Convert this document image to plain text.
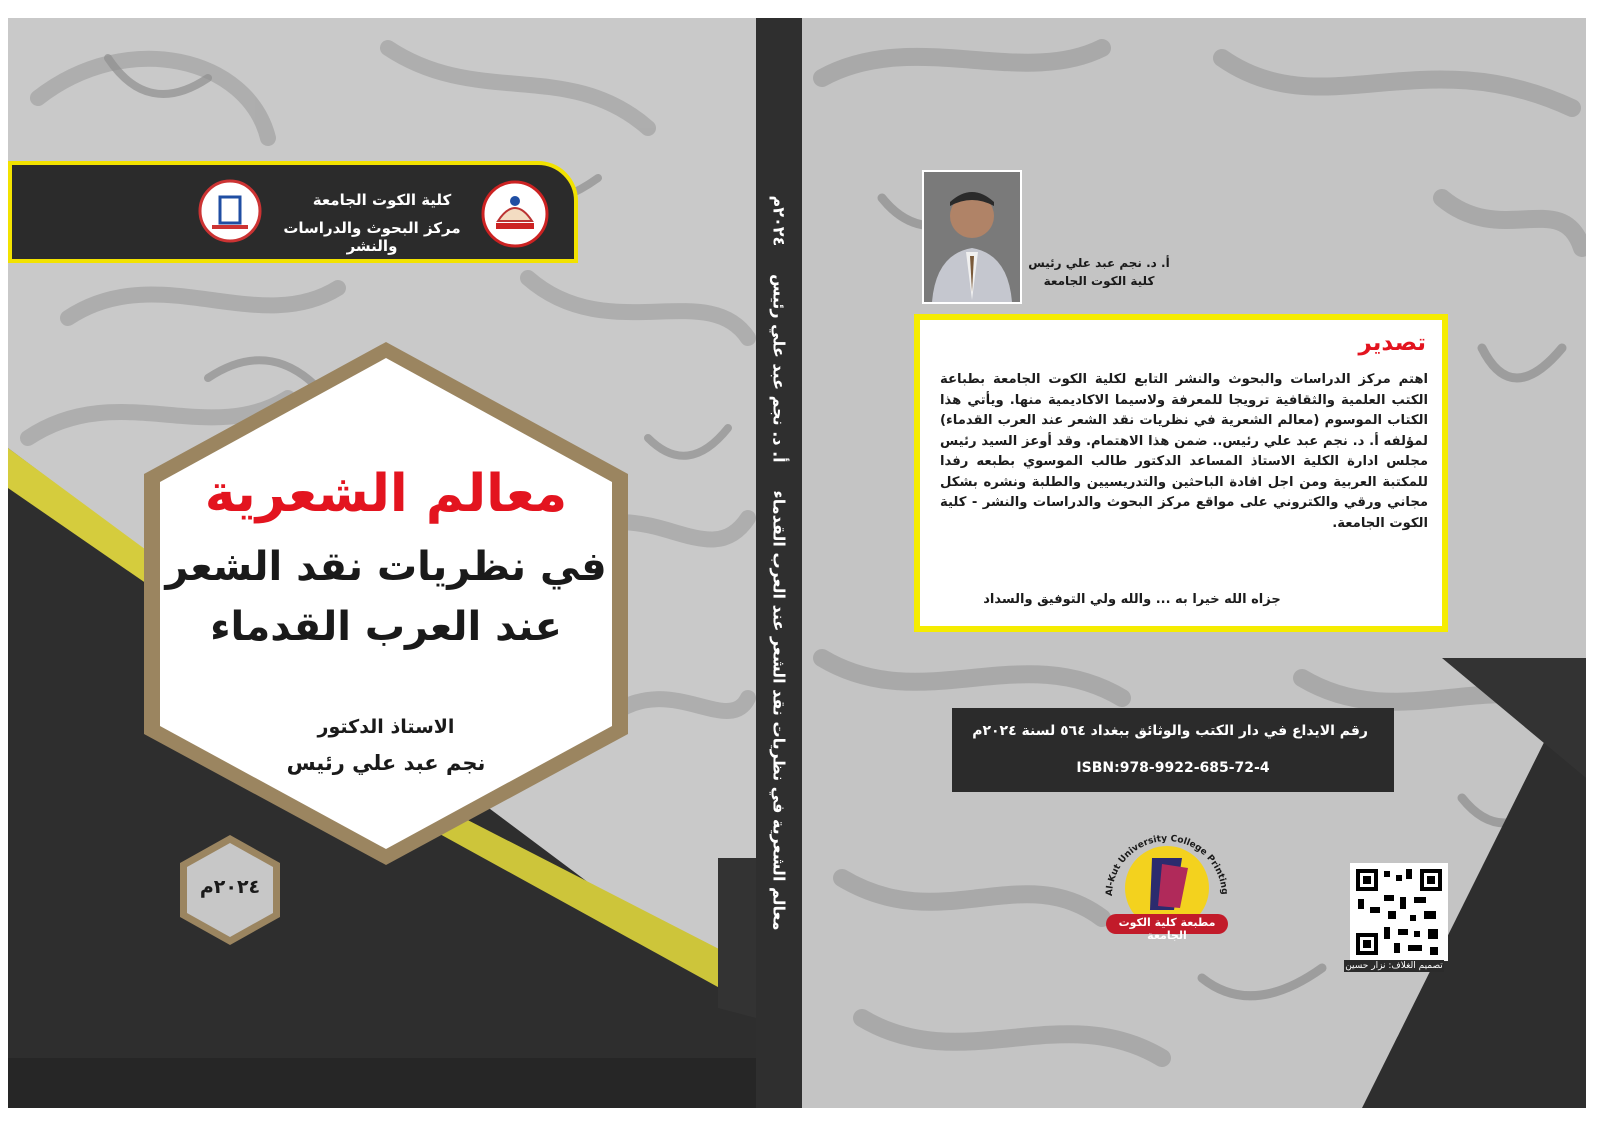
كلية الكوت الجامعة
مركز البحوث والدراسات والنشر
معالم الشعرية
في نظريات نقد الشعر
عند العرب القدماء
الاستاذ الدكتور
نجم عبد علي رئيس
٢٠٢٤م	معالم الشعرية في نظريات نقد الشعر عند العرب القدماء     أ. د. نجم عبد علي رئيس     ٢٠٢٤م
أ. د. نجم عبد علي رئيس
كلية الكوت الجامعة
تصدير
اهتم مركز الدراسات والبحوث والنشر التابع لكلية الكوت الجامعة بطباعة الكتب العلمية والثقافية ترويجا للمعرفة ولاسيما الاكاديمية منها. ويأتي هذا الكتاب الموسوم (معالم الشعرية في نظريات نقد الشعر عند العرب القدماء) لمؤلفه أ. د. نجم عبد علي رئيس.. ضمن هذا الاهتمام. وقد أوعز السيد رئيس مجلس ادارة الكلية الاستاذ المساعد الدكتور طالب الموسوي بطبعه رفدا للمكتبة العربية ومن اجل افادة الباحثين والتدريسيين والطلبة ونشره بشكل مجاني ورقي والكتروني على مواقع مركز البحوث والدراسات والنشر - كلية الكوت الجامعة.
جزاه الله خيرا به ... والله ولي التوفيق والسداد
رقم الايداع في دار الكتب والوثائق ببغداد ٥٦٤ لسنة ٢٠٢٤م
ISBN:978-9922-685-72-4
Al-Kut University College Printing
مطبعة كلية الكوت الجامعة
تصميم الغلاف: نزار حسين
